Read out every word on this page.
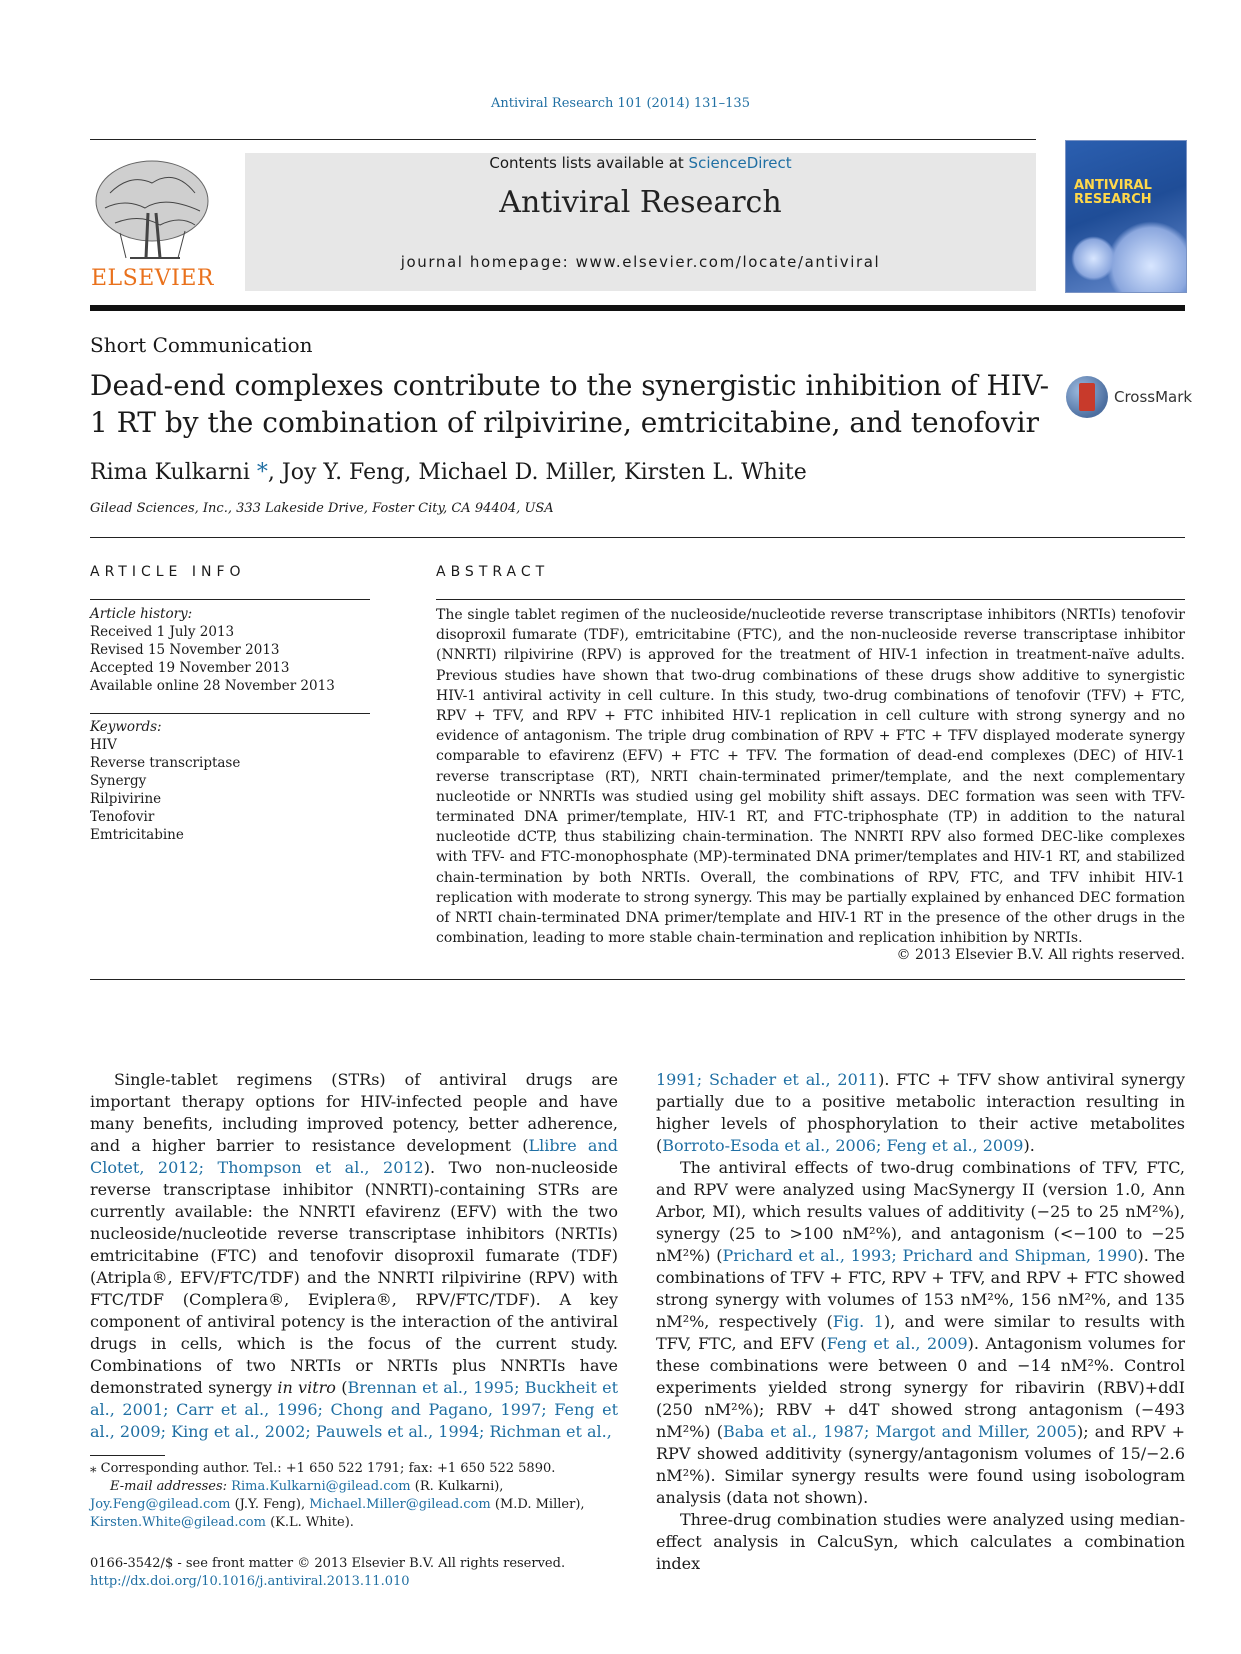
Antiviral Research 101 (2014) 131–135
ELSEVIER
Contents lists available at ScienceDirect
Antiviral Research
journal homepage: www.elsevier.com/locate/antiviral
ANTIVIRAL
RESEARCH
Short Communication
Dead-end complexes contribute to the synergistic inhibition of HIV-1 RT by the combination of rilpivirine, emtricitabine, and tenofovir
CrossMark
Rima Kulkarni *, Joy Y. Feng, Michael D. Miller, Kirsten L. White
Gilead Sciences, Inc., 333 Lakeside Drive, Foster City, CA 94404, USA
ARTICLE INFO	ABSTRACT
Article history:
Received 1 July 2013
Revised 15 November 2013
Accepted 19 November 2013
Available online 28 November 2013
Keywords:
HIV
Reverse transcriptase
Synergy
Rilpivirine
Tenofovir
Emtricitabine
The single tablet regimen of the nucleoside/nucleotide reverse transcriptase inhibitors (NRTIs) tenofovir disoproxil fumarate (TDF), emtricitabine (FTC), and the non-nucleoside reverse transcriptase inhibitor (NNRTI) rilpivirine (RPV) is approved for the treatment of HIV-1 infection in treatment-naïve adults. Previous studies have shown that two-drug combinations of these drugs show additive to synergistic HIV-1 antiviral activity in cell culture. In this study, two-drug combinations of tenofovir (TFV) + FTC, RPV + TFV, and RPV + FTC inhibited HIV-1 replication in cell culture with strong synergy and no evidence of antagonism. The triple drug combination of RPV + FTC + TFV displayed moderate synergy comparable to efavirenz (EFV) + FTC + TFV. The formation of dead-end complexes (DEC) of HIV-1 reverse transcriptase (RT), NRTI chain-terminated primer/template, and the next complementary nucleotide or NNRTIs was studied using gel mobility shift assays. DEC formation was seen with TFV-terminated DNA primer/template, HIV-1 RT, and FTC-triphosphate (TP) in addition to the natural nucleotide dCTP, thus stabilizing chain-termination. The NNRTI RPV also formed DEC-like complexes with TFV- and FTC-monophosphate (MP)-terminated DNA primer/templates and HIV-1 RT, and stabilized chain-termination by both NRTIs. Overall, the combinations of RPV, FTC, and TFV inhibit HIV-1 replication with moderate to strong synergy. This may be partially explained by enhanced DEC formation of NRTI chain-terminated DNA primer/template and HIV-1 RT in the presence of the other drugs in the combination, leading to more stable chain-termination and replication inhibition by NRTIs.
© 2013 Elsevier B.V. All rights reserved.

Single-tablet regimens (STRs) of antiviral drugs are important therapy options for HIV-infected people and have many benefits, including improved potency, better adherence, and a higher barrier to resistance development (Llibre and Clotet, 2012; Thompson et al., 2012). Two non-nucleoside reverse transcriptase inhibitor (NNRTI)-containing STRs are currently available: the NNRTI efavirenz (EFV) with the two nucleoside/nucleotide reverse transcriptase inhibitors (NRTIs) emtricitabine (FTC) and tenofovir disoproxil fumarate (TDF) (Atripla®, EFV/FTC/TDF) and the NNRTI rilpivirine (RPV) with FTC/TDF (Complera®, Eviplera®, RPV/FTC/TDF). A key component of antiviral potency is the interaction of the antiviral drugs in cells, which is the focus of the current study. Combinations of two NRTIs or NRTIs plus NNRTIs have demonstrated synergy in vitro (Brennan et al., 1995; Buckheit et al., 2001; Carr et al., 1996; Chong and Pagano, 1997; Feng et al., 2009; King et al., 2002; Pauwels et al., 1994; Richman et al.,

1991; Schader et al., 2011). FTC + TFV show antiviral synergy partially due to a positive metabolic interaction resulting in higher levels of phosphorylation to their active metabolites (Borroto-Esoda et al., 2006; Feng et al., 2009).

The antiviral effects of two-drug combinations of TFV, FTC, and RPV were analyzed using MacSynergy II (version 1.0, Ann Arbor, MI), which results values of additivity (−25 to 25 nM²%), synergy (25 to >100 nM²%), and antagonism (<−100 to −25 nM²%) (Prichard et al., 1993; Prichard and Shipman, 1990). The combinations of TFV + FTC, RPV + TFV, and RPV + FTC showed strong synergy with volumes of 153 nM²%, 156 nM²%, and 135 nM²%, respectively (Fig. 1), and were similar to results with TFV, FTC, and EFV (Feng et al., 2009). Antagonism volumes for these combinations were between 0 and −14 nM²%. Control experiments yielded strong synergy for ribavirin (RBV)+ddI (250 nM²%); RBV + d4T showed strong antagonism (−493 nM²%) (Baba et al., 1987; Margot and Miller, 2005); and RPV + RPV showed additivity (synergy/antagonism volumes of 15/−2.6 nM²%). Similar synergy results were found using isobologram analysis (data not shown).

Three-drug combination studies were analyzed using median-effect analysis in CalcuSyn, which calculates a combination index

⁎ Corresponding author. Tel.: +1 650 522 1791; fax: +1 650 522 5890.
E-mail addresses: Rima.Kulkarni@gilead.com (R. Kulkarni), Joy.Feng@gilead.com (J.Y. Feng), Michael.Miller@gilead.com (M.D. Miller), Kirsten.White@gilead.com (K.L. White).
0166-3542/$ - see front matter © 2013 Elsevier B.V. All rights reserved.
http://dx.doi.org/10.1016/j.antiviral.2013.11.010
